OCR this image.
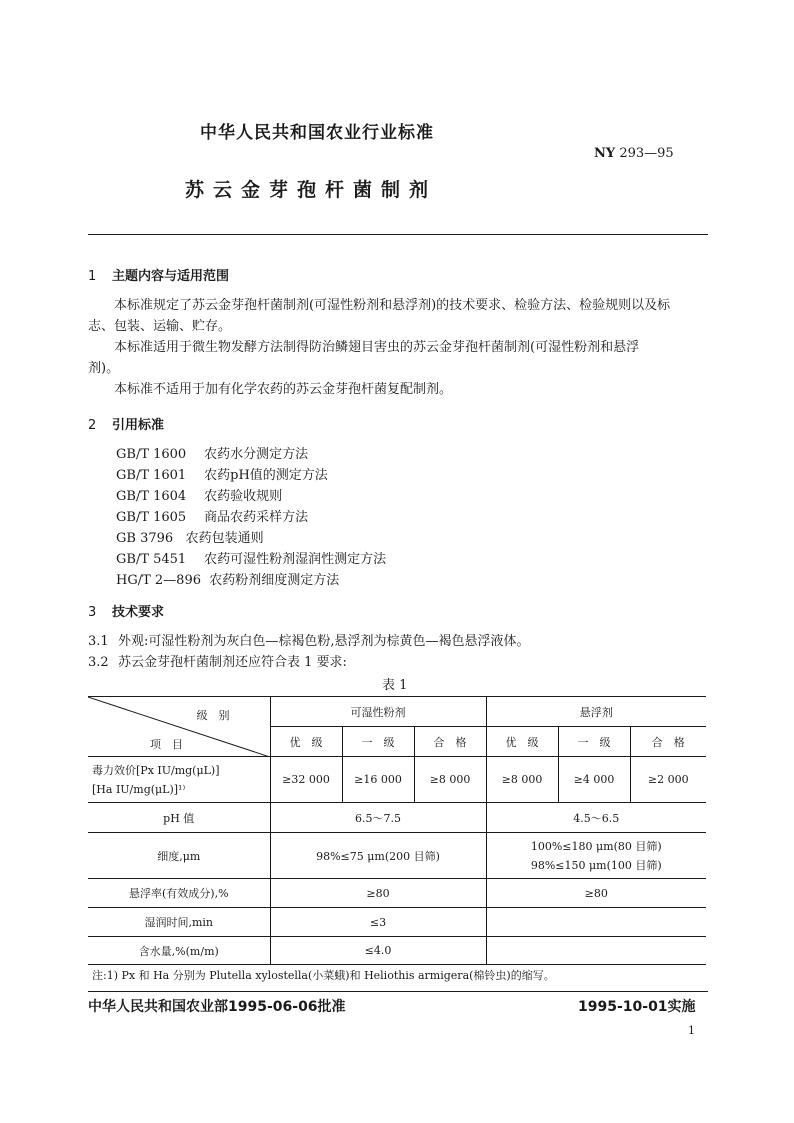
中华人民共和国农业行业标准
NY 293—95
苏云金芽孢杆菌制剂
1 主题内容与适用范围
本标准规定了苏云金芽孢杆菌制剂(可湿性粉剂和悬浮剂)的技术要求、检验方法、检验规则以及标
志、包装、运输、贮存。
本标准适用于微生物发酵方法制得防治鳞翅目害虫的苏云金芽孢杆菌制剂(可湿性粉剂和悬浮
剂)。
本标准不适用于加有化学农药的苏云金芽孢杆菌复配制剂。
2 引用标准
GB/T 1600 农药水分测定方法
GB/T 1601 农药pH值的测定方法
GB/T 1604 农药验收规则
GB/T 1605 商品农药采样方法
GB 3796 农药包装通则
GB/T 5451 农药可湿性粉剂湿润性测定方法
HG/T 2—896 农药粉剂细度测定方法
3 技术要求
3.1 外观:可湿性粉剂为灰白色—棕褐色粉,悬浮剂为棕黄色—褐色悬浮液体。
3.2 苏云金芽孢杆菌制剂还应符合表 1 要求:
表 1
级　别
项　目	可湿性粉剂			悬浮剂		
	优　级	一　级	合　格	优　级	一　级	合　格

毒力效价[Px IU/mg(μL)]
[Ha IU/mg(μL)]¹⁾	≥32 000	≥16 000	≥8 000	≥8 000	≥4 000	≥2 000
pH 值	6.5～7.5			4.5～6.5		
细度,μm	98%≤75 μm(200 目筛)			100%≤180 μm(80 目筛)
98%≤150 μm(100 目筛)		

悬浮率(有效成分),%	≥80			≥80		
湿润时间,min	≤3					
含水量,%(m/m)	≤4.0					
注:1) Px 和 Ha 分别为 Plutella xylostella(小菜蛾)和 Heliothis armigera(棉铃虫)的缩写。
中华人民共和国农业部1995-06-06批准	1995-10-01实施
1
